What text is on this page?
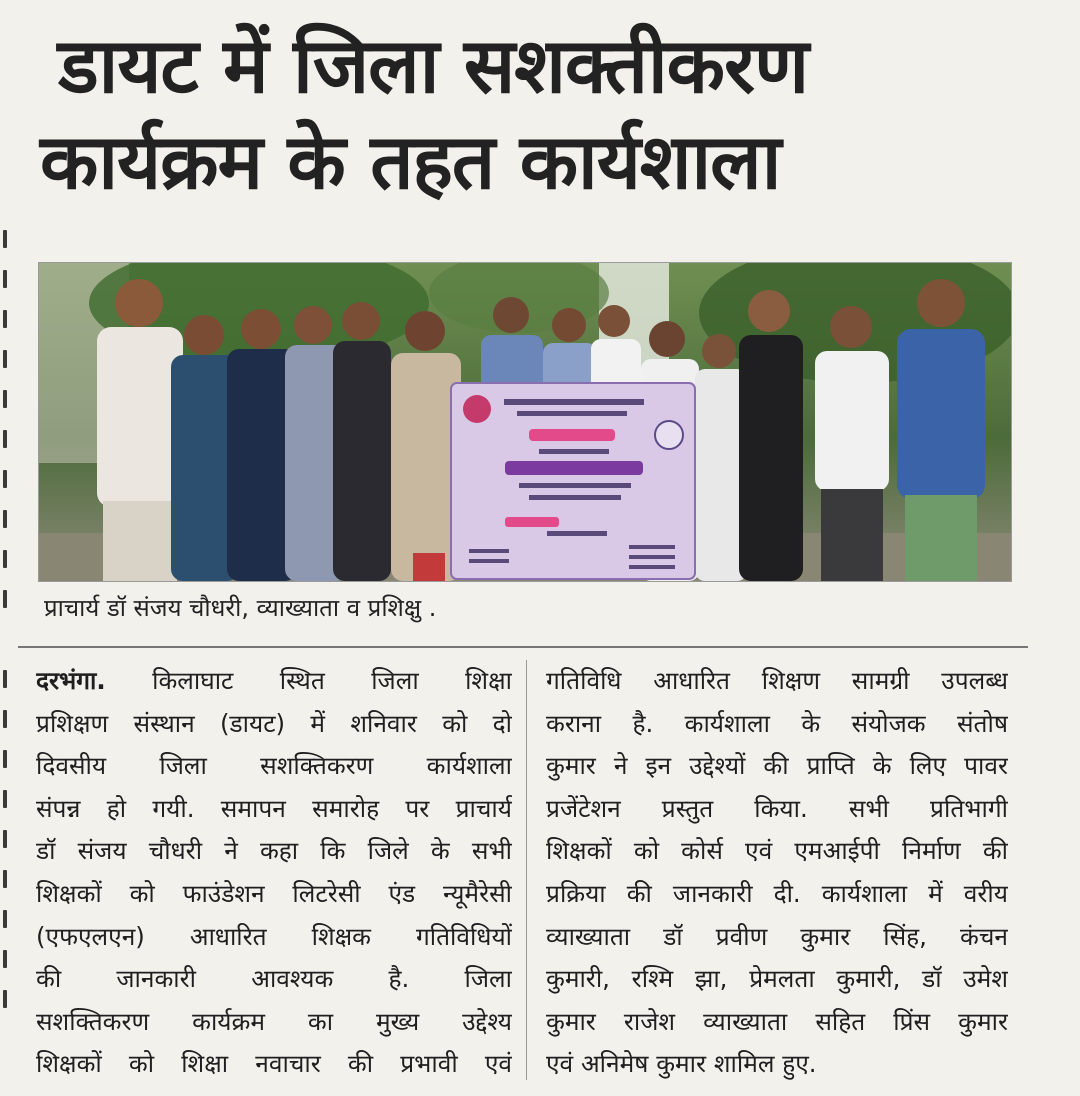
डायट में जिला सशक्तीकरण
कार्यक्रम के तहत कार्यशाला
प्राचार्य डॉ संजय चौधरी, व्याख्याता व प्रशिक्षु .
दरभंगा. किलाघाट स्थित जिला शिक्षा
प्रशिक्षण संस्थान (डायट) में शनिवार को दो
दिवसीय जिला सशक्तिकरण कार्यशाला
संपन्न हो गयी. समापन समारोह पर प्राचार्य
डॉ संजय चौधरी ने कहा कि जिले के सभी
शिक्षकों को फाउंडेशन लिटरेसी एंड न्यूमैरेसी
(एफएलएन) आधारित शिक्षक गतिविधियों
की जानकारी आवश्यक है. जिला
सशक्तिकरण कार्यक्रम का मुख्य उद्देश्य
शिक्षकों को शिक्षा नवाचार की प्रभावी एवं
गतिविधि आधारित शिक्षण सामग्री उपलब्ध
कराना है. कार्यशाला के संयोजक संतोष
कुमार ने इन उद्देश्यों की प्राप्ति के लिए पावर
प्रजेंटेशन प्रस्तुत किया. सभी प्रतिभागी
शिक्षकों को कोर्स एवं एमआईपी निर्माण की
प्रक्रिया की जानकारी दी. कार्यशाला में वरीय
व्याख्याता डॉ प्रवीण कुमार सिंह, कंचन
कुमारी, रश्मि झा, प्रेमलता कुमारी, डॉ उमेश
कुमार राजेश व्याख्याता सहित प्रिंस कुमार
एवं अनिमेष कुमार शामिल हुए.
